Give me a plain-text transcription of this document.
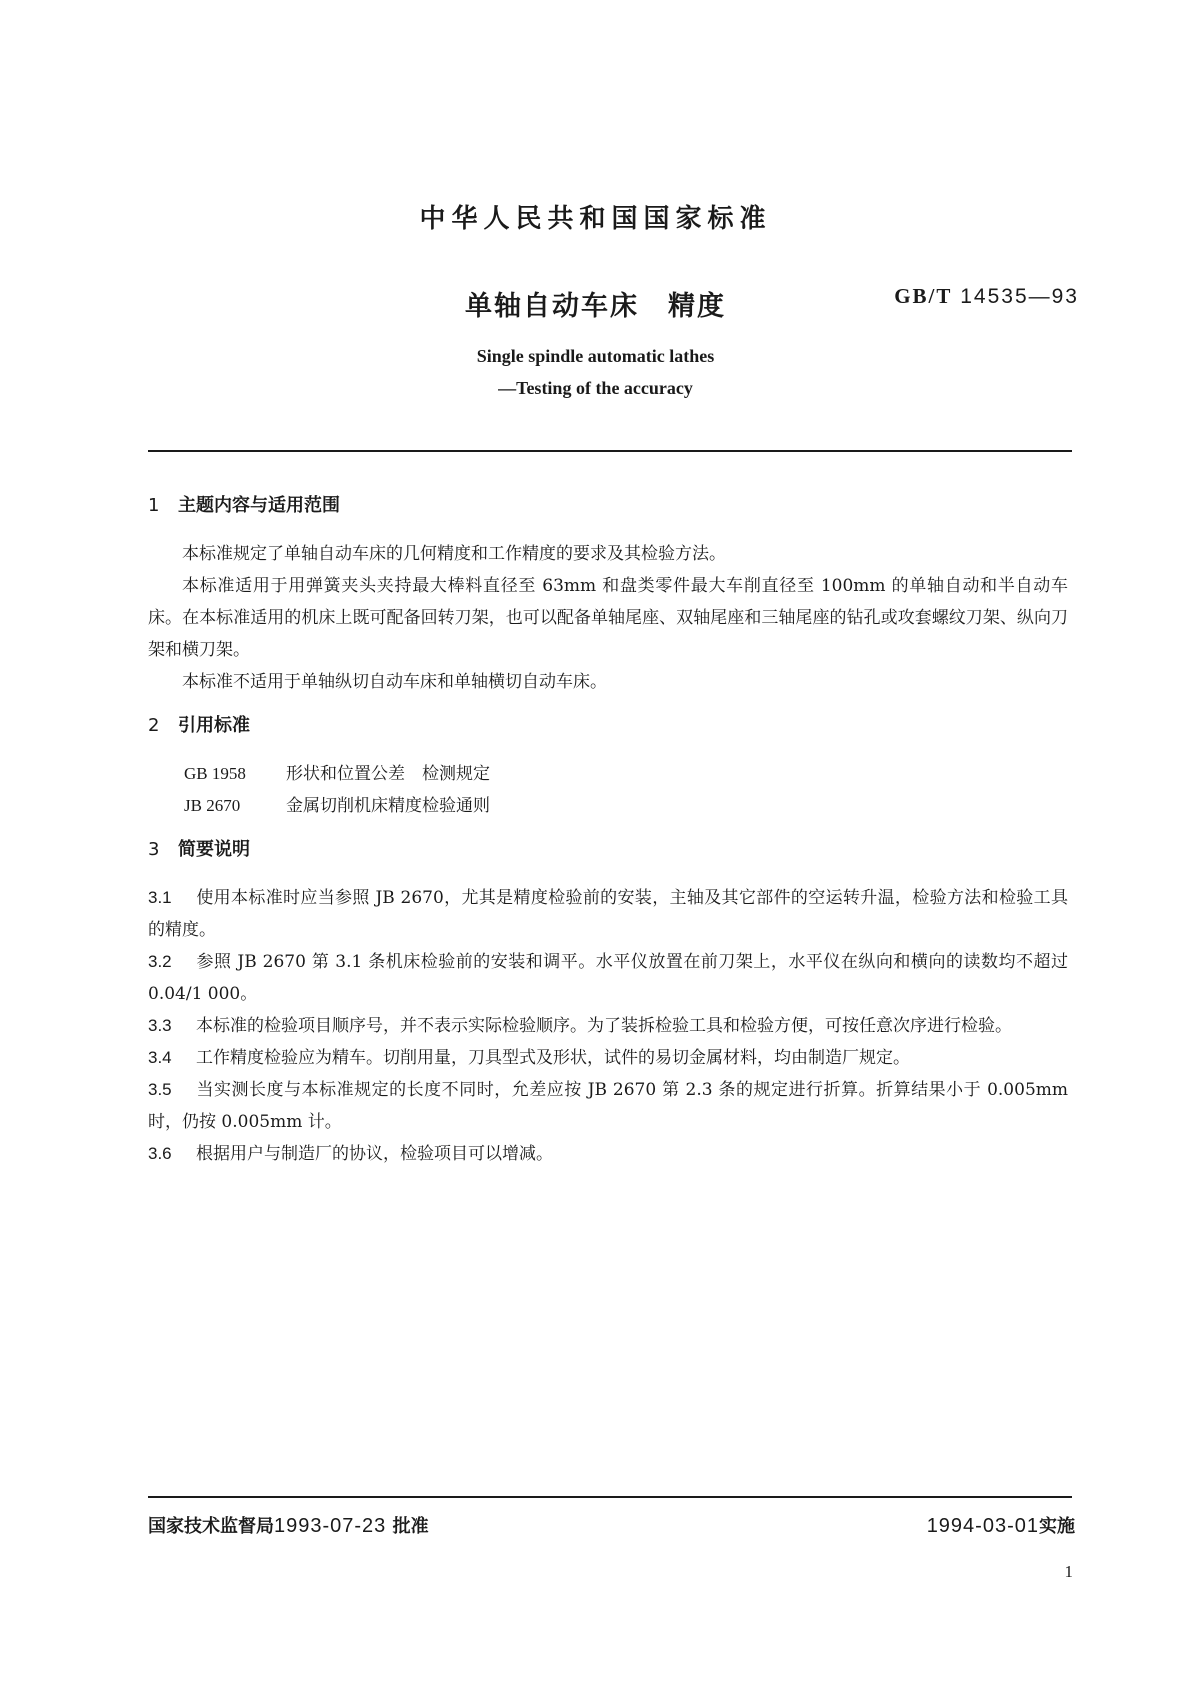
中华人民共和国国家标准
单轴自动车床　精度	GB/T 14535—93
Single spindle automatic lathes
—Testing of the accuracy
1 主题内容与适用范围

本标准规定了单轴自动车床的几何精度和工作精度的要求及其检验方法。

本标准适用于用弹簧夹头夹持最大棒料直径至 63mm 和盘类零件最大车削直径至 100mm 的单轴自动和半自动车床。在本标准适用的机床上既可配备回转刀架，也可以配备单轴尾座、双轴尾座和三轴尾座的钻孔或攻套螺纹刀架、纵向刀架和横刀架。

本标准不适用于单轴纵切自动车床和单轴横切自动车床。

2 引用标准

GB 1958 形状和位置公差　检测规定

JB 2670	金属切削机床精度检验通则

3 简要说明

3.1 使用本标准时应当参照 JB 2670，尤其是精度检验前的安装，主轴及其它部件的空运转升温，检验方法和检验工具的精度。

3.2 参照 JB 2670 第 3.1 条机床检验前的安装和调平。水平仪放置在前刀架上，水平仪在纵向和横向的读数均不超过 0.04/1 000。

3.3 本标准的检验项目顺序号，并不表示实际检验顺序。为了装拆检验工具和检验方便，可按任意次序进行检验。

3.4 工作精度检验应为精车。切削用量，刀具型式及形状，试件的易切金属材料，均由制造厂规定。

3.5 当实测长度与本标准规定的长度不同时，允差应按 JB 2670 第 2.3 条的规定进行折算。折算结果小于 0.005mm 时，仍按 0.005mm 计。

3.6 根据用户与制造厂的协议，检验项目可以增减。

国家技术监督局1993-07-23 批准	1994-03-01实施
1
